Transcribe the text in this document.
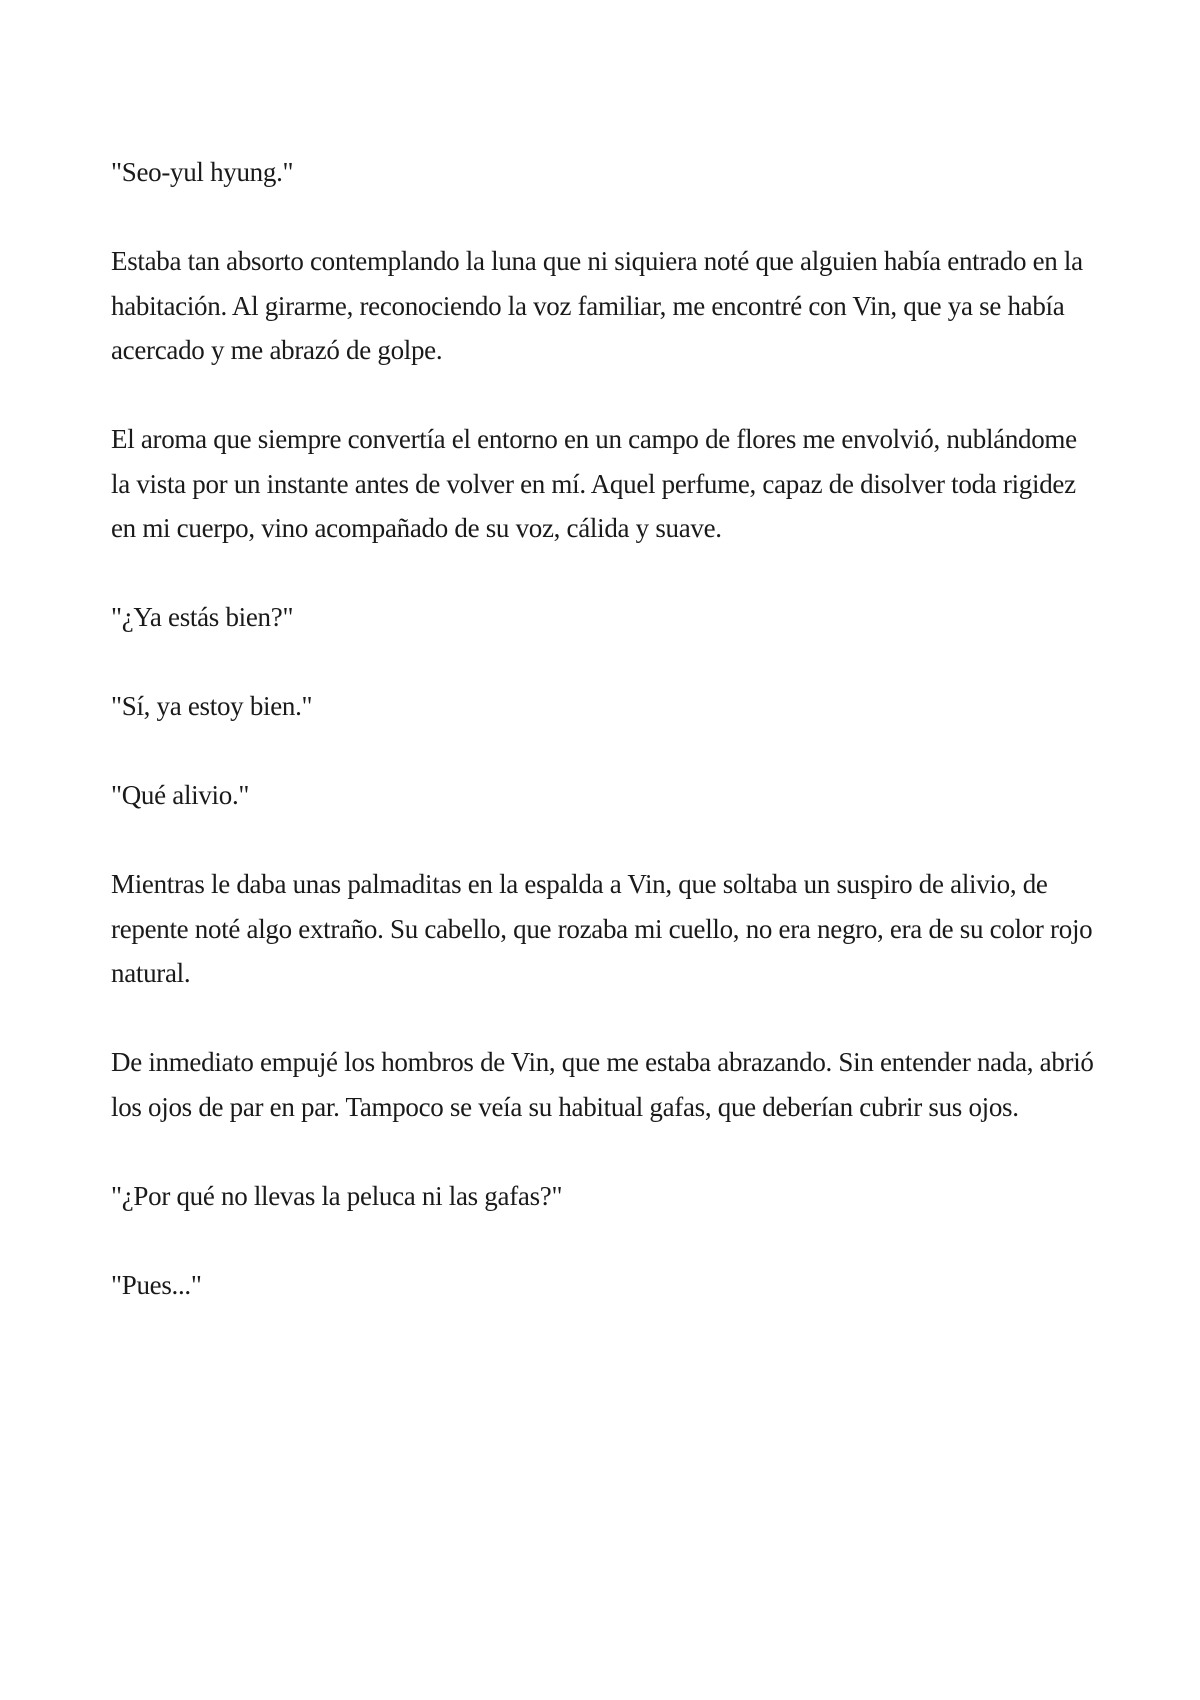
"Seo-yul hyung."

Estaba tan absorto contemplando la luna que ni siquiera noté que alguien había entrado en la habitación. Al girarme, reconociendo la voz familiar, me encontré con Vin, que ya se había acercado y me abrazó de golpe.

El aroma que siempre convertía el entorno en un campo de flores me envolvió, nublándome la vista por un instante antes de volver en mí. Aquel perfume, capaz de disolver toda rigidez en mi cuerpo, vino acompañado de su voz, cálida y suave.

"¿Ya estás bien?"

"Sí, ya estoy bien."

"Qué alivio."

Mientras le daba unas palmaditas en la espalda a Vin, que soltaba un suspiro de alivio, de repente noté algo extraño. Su cabello, que rozaba mi cuello, no era negro, era de su color rojo natural.

De inmediato empujé los hombros de Vin, que me estaba abrazando. Sin entender nada, abrió los ojos de par en par. Tampoco se veía su habitual gafas, que deberían cubrir sus ojos.

"¿Por qué no llevas la peluca ni las gafas?"

"Pues..."
